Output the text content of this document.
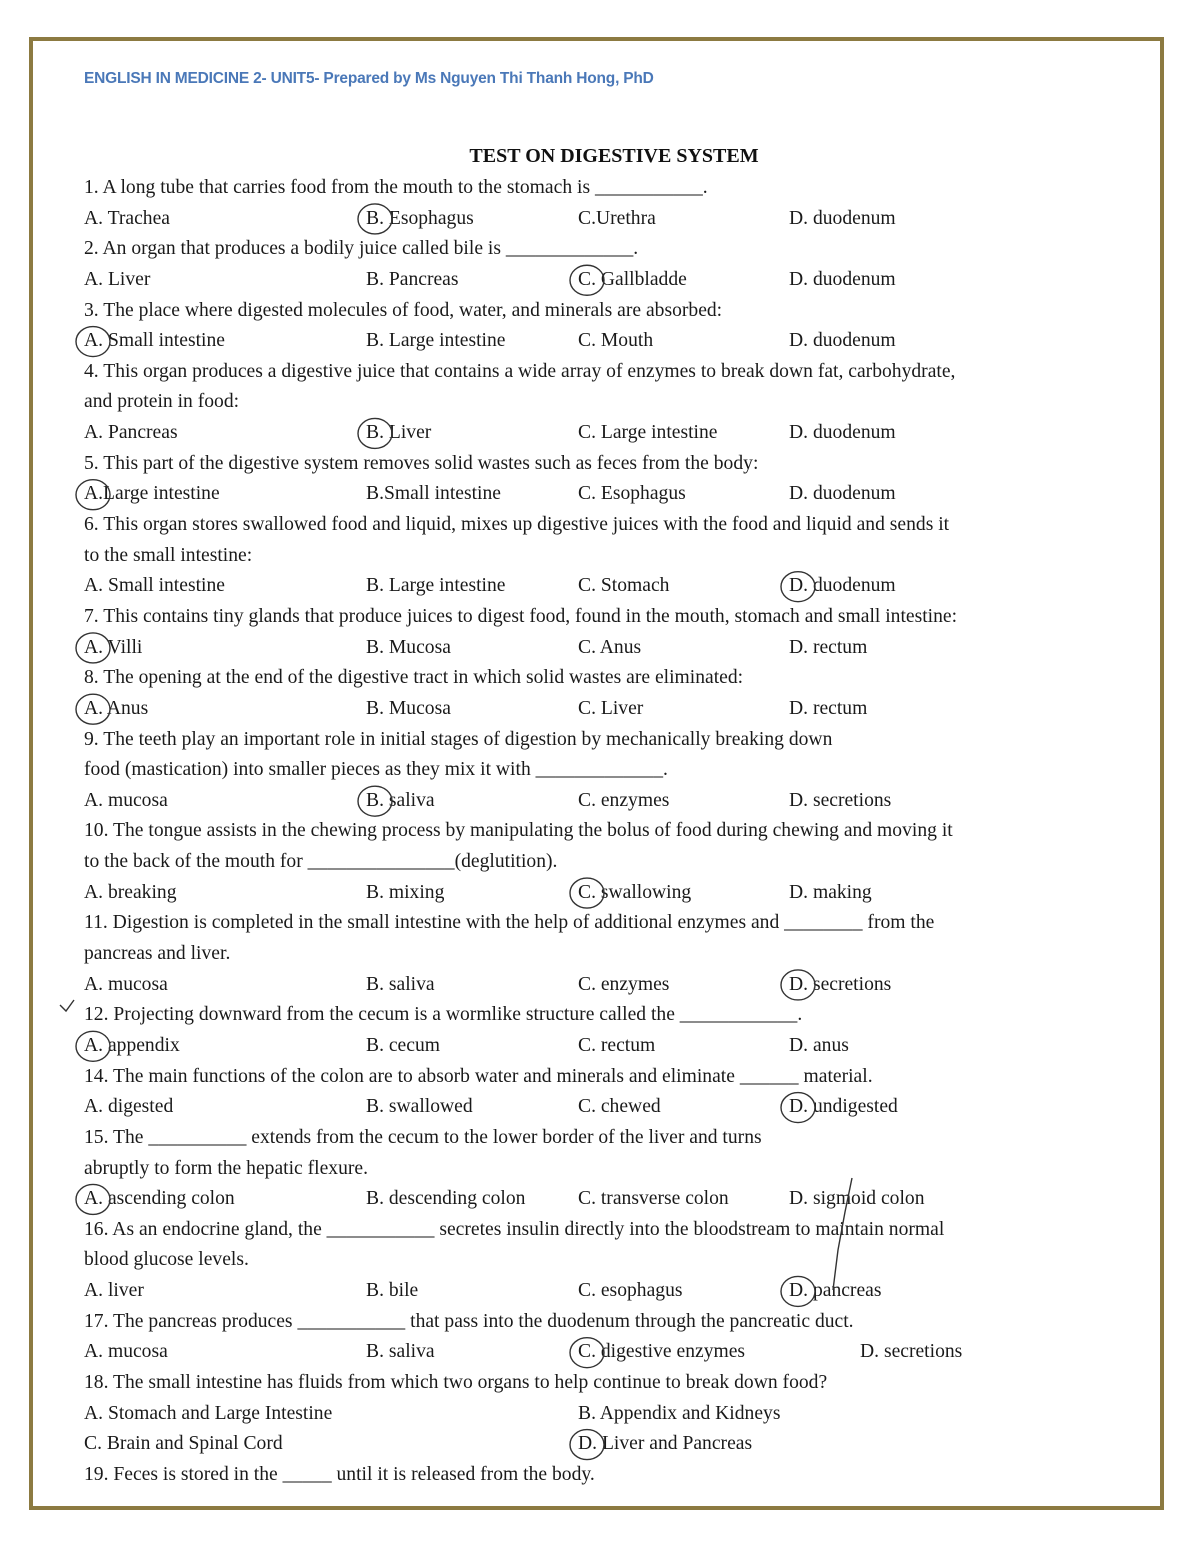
ENGLISH IN MEDICINE 2- UNIT5- Prepared by Ms Nguyen Thi Thanh Hong, PhD
TEST ON DIGESTIVE SYSTEM
1. A long tube that carries food from the mouth to the stomach is ___________.
A. Trachea	B. Esophagus	C.Urethra	D. duodenum
2. An organ that produces a bodily juice called bile is _____________.
A. Liver	B. Pancreas	C. Gallbladde	D. duodenum
3. The place where digested molecules of food, water, and minerals are absorbed:
A. Small intestine	B. Large intestine	C. Mouth	D. duodenum
4. This organ produces a digestive juice that contains a wide array of enzymes to break down fat, carbohydrate,
and protein in food:
A. Pancreas	B. Liver	C. Large intestine	D. duodenum
5. This part of the digestive system removes solid wastes such as feces from the body:
A.Large intestine	B.Small intestine	C. Esophagus	D. duodenum
6. This organ stores swallowed food and liquid, mixes up digestive juices with the food and liquid and sends it
to the small intestine:
A. Small intestine	B. Large intestine	C. Stomach	D. duodenum
7. This contains tiny glands that produce juices to digest food, found in the mouth, stomach and small intestine:
A. Villi	B. Mucosa	C. Anus	D. rectum
8. The opening at the end of the digestive tract in which solid wastes are eliminated:
A. Anus	B. Mucosa	C. Liver	D. rectum
9. The teeth play an important role in initial stages of digestion by mechanically breaking down
food (mastication) into smaller pieces as they mix it with _____________.
A. mucosa	B. saliva	C. enzymes	D. secretions
10. The tongue assists in the chewing process by manipulating the bolus of food during chewing and moving it
to the back of the mouth for _______________(deglutition).
A. breaking	B. mixing	C. swallowing	D. making
11. Digestion is completed in the small intestine with the help of additional enzymes and ________ from the
pancreas and liver.
A. mucosa	B. saliva	C. enzymes	D. secretions
12. Projecting downward from the cecum is a wormlike structure called the ____________.
A. appendix	B. cecum	C. rectum	D. anus
14. The main functions of the colon are to absorb water and minerals and eliminate ______ material.
A. digested	B. swallowed	C. chewed	D. undigested
15. The __________ extends from the cecum to the lower border of the liver and turns
abruptly to form the hepatic flexure.
A. ascending colon	B. descending colon	C. transverse colon	D. sigmoid colon
16. As an endocrine gland, the ___________ secretes insulin directly into the bloodstream to maintain normal
blood glucose levels.
A. liver	B. bile	C. esophagus	D. pancreas
17. The pancreas produces ___________ that pass into the duodenum through the pancreatic duct.
A. mucosa	B. saliva	C. digestive enzymes	D. secretions
18. The small intestine has fluids from which two organs to help continue to break down food?
A. Stomach and Large Intestine	B. Appendix and Kidneys
C. Brain and Spinal Cord	D. Liver and Pancreas
19. Feces is stored in the _____ until it is released from the body.
